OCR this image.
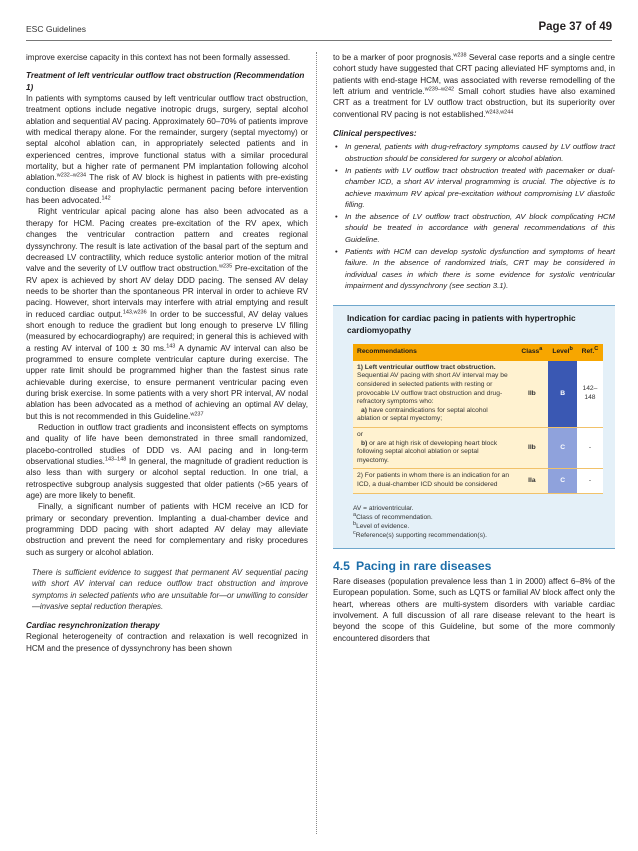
ESC Guidelines	Page 37 of 49

improve exercise capacity in this context has not been formally assessed.

Treatment of left ventricular outflow tract obstruction (Recommendation 1)

In patients with symptoms caused by left ventricular outflow tract obstruction, treatment options include negative inotropic drugs, surgery, septal alcohol ablation and sequential AV pacing. Approximately 60–70% of patients improve with medical therapy alone. For the remainder, surgery (septal myectomy) or septal alcohol ablation can, in appropriately selected patients and in experienced centres, improve functional status with a similar procedural mortality, but a higher rate of permanent PM implantation following alcohol ablation.$^{w232-w234}$ The risk of AV block is highest in patients with pre-existing conduction disease and prophylactic permanent pacing before intervention has been advocated.$^{142}$

Right ventricular apical pacing alone has also been advocated as a therapy for HCM. Pacing creates pre-excitation of the RV apex, which changes the ventricular contraction pattern and creates regional dyssynchrony. The result is late activation of the basal part of the septum and decreased LV contractility, which reduce systolic anterior motion of the mitral valve and the severity of LV outflow tract obstruction.$^{w235}$ Pre-excitation of the RV apex is achieved by short AV delay DDD pacing. The sensed AV delay needs to be shorter than the spontaneous PR interval in order to achieve RV pacing. However, short intervals may interfere with atrial emptying and result in reduced cardiac output.$^{143,w236}$ In order to be successful, AV delay values short enough to reduce the gradient but long enough to preserve LV filling (measured by echocardiography) are required; in general this is achieved with a resting AV interval of 100 ± 30 ms.$^{143}$ A dynamic AV interval can also be programmed to ensure complete ventricular capture during exercise. The upper rate limit should be programmed higher than the fastest sinus rate achievable during exercise, to ensure permanent ventricular pacing even during brisk exercise. In some patients with a very short PR interval, AV nodal ablation has been advocated as a method of achieving an optimal AV delay, but this is not recommended in this Guideline.$^{w237}$

Reduction in outflow tract gradients and inconsistent effects on symptoms and quality of life have been demonstrated in three small randomized, placebo-controlled studies of DDD vs. AAI pacing and in long-term observational studies.$^{143-148}$ In general, the magnitude of gradient reduction is also less than with surgery or alcohol septal reduction. In one trial, a retrospective subgroup analysis suggested that older patients (>65 years of age) are more likely to benefit.

Finally, a significant number of patients with HCM receive an ICD for primary or secondary prevention. Implanting a dual-chamber device and programming DDD pacing with short adapted AV delay may alleviate obstruction and prevent the need for complementary and risky procedures such as surgery or alcohol ablation.

There is sufficient evidence to suggest that permanent AV sequential pacing with short AV interval can reduce outflow tract obstruction and improve symptoms in selected patients who are unsuitable for—or unwilling to consider—invasive septal reduction therapies.

Cardiac resynchronization therapy

Regional heterogeneity of contraction and relaxation is well recognized in HCM and the presence of dyssynchrony has been shown

to be a marker of poor prognosis.$^{w238}$ Several case reports and a single centre cohort study have suggested that CRT pacing alleviated HF symptoms and, in patients with end-stage HCM, was associated with reverse remodelling of the left atrium and ventricle.$^{w239-w242}$ Small cohort studies have also examined CRT as a treatment for LV outflow tract obstruction, but its superiority over conventional RV pacing is not established.$^{w243,w244}$

Clinical perspectives:

• In general, patients with drug-refractory symptoms caused by LV outflow tract obstruction should be considered for surgery or alcohol ablation.
• In patients with LV outflow tract obstruction treated with pacemaker or dual-chamber ICD, a short AV interval programming is crucial. The objective is to achieve maximum RV apical pre-excitation without compromising LV diastolic filling.
• In the absence of LV outflow tract obstruction, AV block complicating HCM should be treated in accordance with general recommendations of this Guideline.
• Patients with HCM can develop systolic dysfunction and symptoms of heart failure. In the absence of randomized trials, CRT may be considered in individual cases in which there is some evidence for systolic ventricular impairment and dyssynchrony (see section 3.1).
Indication for cardiac pacing in patients with hypertrophic cardiomyopathy
Recommendations	Class$^a$	Level$^b$	Ref.$^C$
1) Left ventricular outflow tract obstruction. Sequential AV pacing with short AV interval may be considered in selected patients with resting or provocable LV outflow tract obstruction and drug-refractory symptoms who:
a) have contraindications for septal alcohol ablation or septal myectomy;	IIb	B	142–148
or
b) or are at high risk of developing heart block following septal alcohol ablation or septal myectomy.	IIb	C	-
2) For patients in whom there is an indication for an ICD, a dual-chamber ICD should be considered	IIa	C	-
AV = atrioventricular.
$^a$Class of recommendation.
$^b$Level of evidence.
$^c$Reference(s) supporting recommendation(s).
4.5 Pacing in rare diseases

Rare diseases (population prevalence less than 1 in 2000) affect 6–8% of the European population. Some, such as LQTS or familial AV block affect only the heart, whereas others are multi-system disorders with variable cardiac involvement. A full discussion of all rare disease relevant to the heart is beyond the scope of this Guideline, but some of the more commonly encountered disorders that
